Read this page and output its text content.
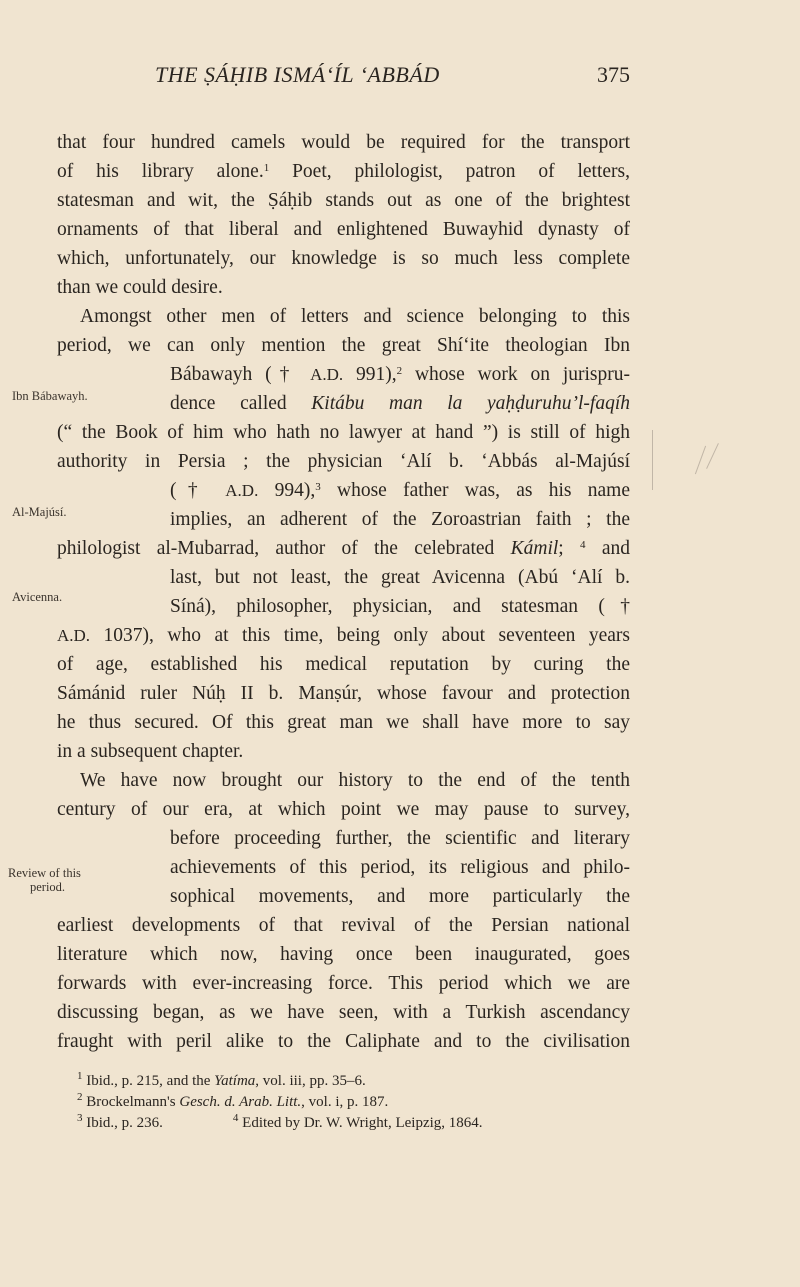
THE ṢÁḤIB ISMÁ‘ÍL ‘ABBÁD	375
that four hundred camels would be required for the transport
of his library alone.$^1$ Poet, philologist, patron of letters,
statesman and wit, the Ṣáḥib stands out as one of the brightest
ornaments of that liberal and enlightened Buwayhid dynasty of
which, unfortunately, our knowledge is so much less complete
than we could desire.
Amongst other men of letters and science belonging to this
period, we can only mention the great Shí‘ite theologian Ibn
Bábawayh († A.D. 991),$^2$ whose work on jurispru-
dence called Kitábu man la yaḥḍuruhu’l-faqíh
(“ the Book of him who hath no lawyer at hand ”) is still of high
authority in Persia ; the physician ‘Alí b. ‘Abbás al-Majúsí
(† A.D. 994),$^3$ whose father was, as his name
implies, an adherent of the Zoroastrian faith ; the
philologist al-Mubarrad, author of the celebrated Kámil; $^4$ and
last, but not least, the great Avicenna (Abú ‘Alí b.
Síná), philosopher, physician, and statesman (†
A.D. 1037), who at this time, being only about seventeen years
of age, established his medical reputation by curing the
Sámánid ruler Núḥ II b. Manṣúr, whose favour and protection
he thus secured. Of this great man we shall have more to say
in a subsequent chapter.
We have now brought our history to the end of the tenth
century of our era, at which point we may pause to survey,
before proceeding further, the scientific and literary
achievements of this period, its religious and philo-
sophical movements, and more particularly the
earliest developments of that revival of the Persian national
literature which now, having once been inaugurated, goes
forwards with ever-increasing force. This period which we are
discussing began, as we have seen, with a Turkish ascendancy
fraught with peril alike to the Caliphate and to the civilisation
Ibn Bábawayh.
Al-Majúsí.
Avicenna.
Review of this
period.
$^1$ Ibid., p. 215, and the Yatíma, vol. iii, pp. 35–6.
$^2$ Brockelmann's Gesch. d. Arab. Litt., vol. i, p. 187.
$^3$ Ibid., p. 236.	$^4$ Edited by Dr. W. Wright, Leipzig, 1864.
